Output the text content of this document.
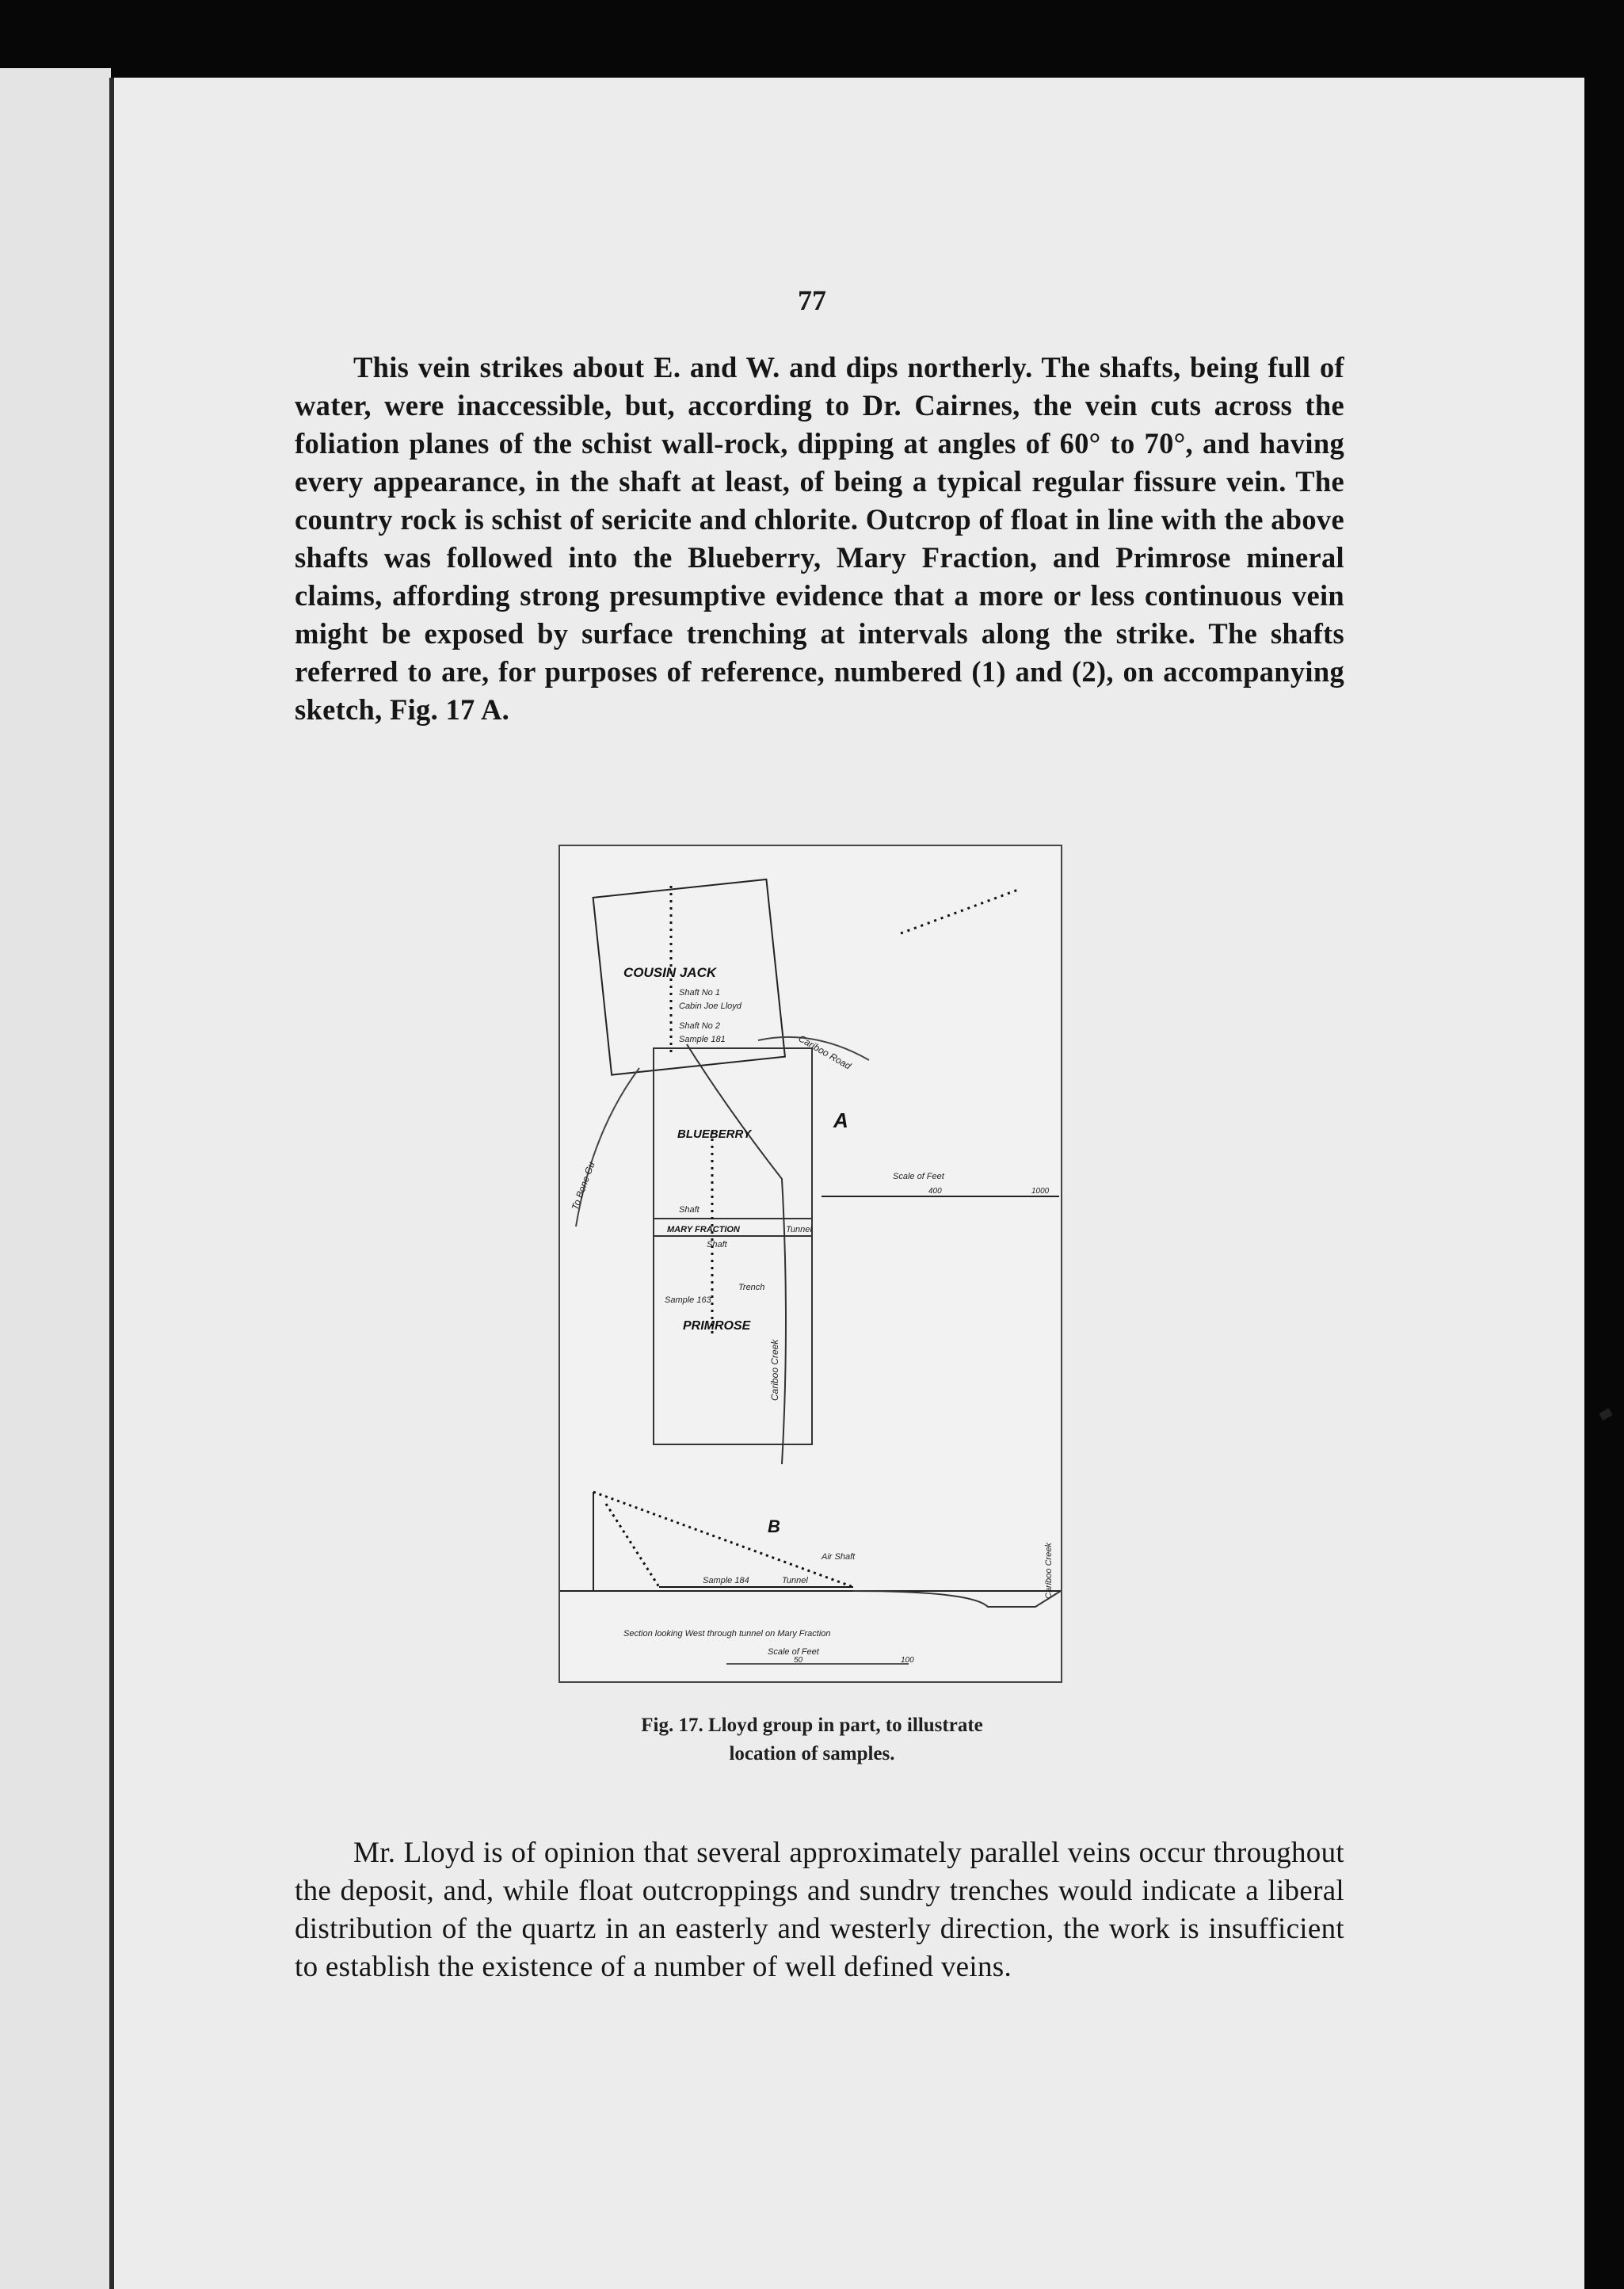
77

This vein strikes about E. and W. and dips northerly. The shafts, being full of water, were inaccessible, but, according to Dr. Cairnes, the vein cuts across the foliation planes of the schist wall-rock, dipping at angles of 60° to 70°, and having every appearance, in the shaft at least, of being a typical regular fissure vein. The country rock is schist of sericite and chlorite. Outcrop of float in line with the above shafts was followed into the Blueberry, Mary Fraction, and Primrose mineral claims, affording strong presumptive evidence that a more or less continuous vein might be exposed by surface trenching at intervals along the strike. The shafts referred to are, for purposes of reference, numbered (1) and (2), on accompanying sketch, Fig. 17 A.

COUSIN JACK
Shaft No 1
Cabin Joe Lloyd
Shaft No 2
Sample 181	Cariboo Road
To Bone Gu
BLUEBERRY
A
Scale of Feet
400	1000
Shaft
MARY FRACTION	Tunnel
Shaft
Trench
Sample 163
PRIMROSE
Cariboo Creek
B
Air Shaft
Sample 184	Tunnel	Cariboo Creek
Section looking West through tunnel on Mary Fraction
Scale of Feet
50	100
Fig. 17. Lloyd group in part, to illustrate
location of samples.

Mr. Lloyd is of opinion that several approximately parallel veins occur throughout the deposit, and, while float outcroppings and sundry trenches would indicate a liberal distribution of the quartz in an easterly and westerly direction, the work is insufficient to establish the existence of a number of well defined veins.
